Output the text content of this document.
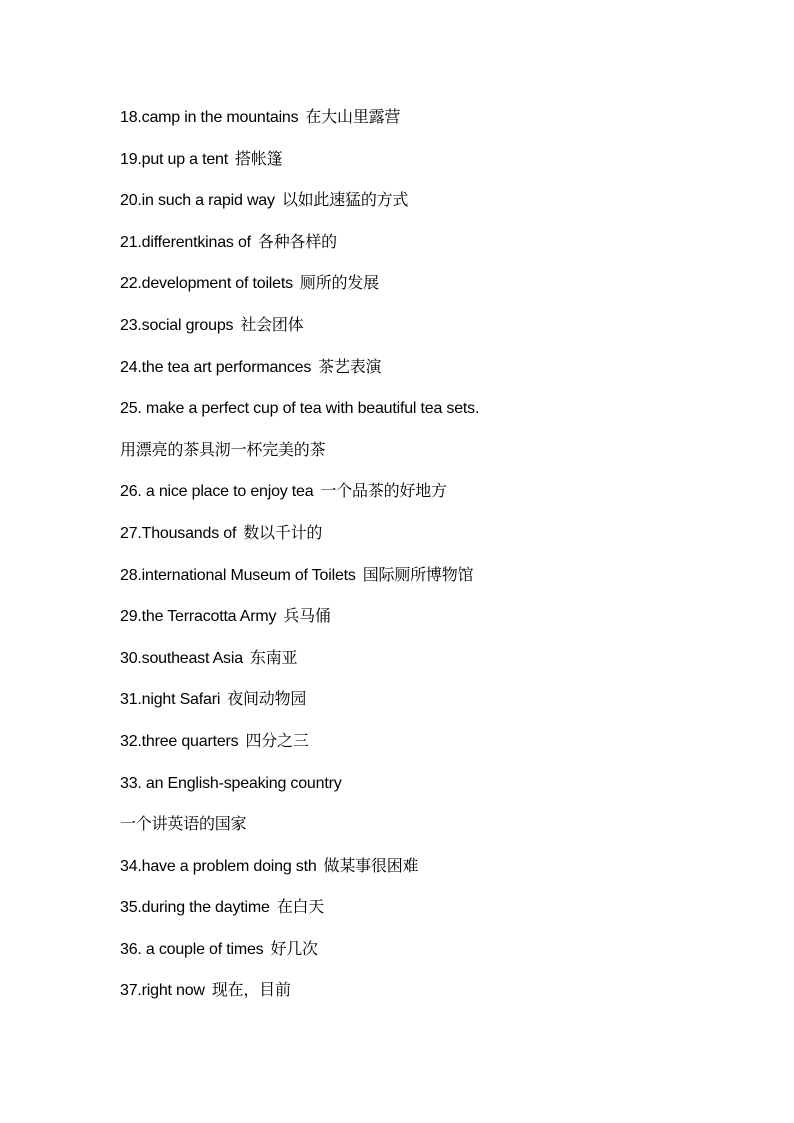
18.camp in the mountains 在大山里露营
19.put up a tent 搭帐篷
20.in such a rapid way 以如此速猛的方式
21.differentkinas of 各种各样的
22.development of toilets 厕所的发展
23.social groups 社会团体
24.the tea art performances 茶艺表演
25. make a perfect cup of tea with beautiful tea sets.
用漂亮的茶具沏一杯完美的茶
26. a nice place to enjoy tea 一个品茶的好地方
27.Thousands of 数以千计的
28.international Museum of Toilets 国际厕所博物馆
29.the Terracotta Army 兵马俑
30.southeast Asia 东南亚
31.night Safari 夜间动物园
32.three quarters 四分之三
33. an English-speaking country
一个讲英语的国家
34.have a problem doing sth 做某事很困难
35.during the daytime 在白天
36. a couple of times 好几次
37.right now 现在，目前
